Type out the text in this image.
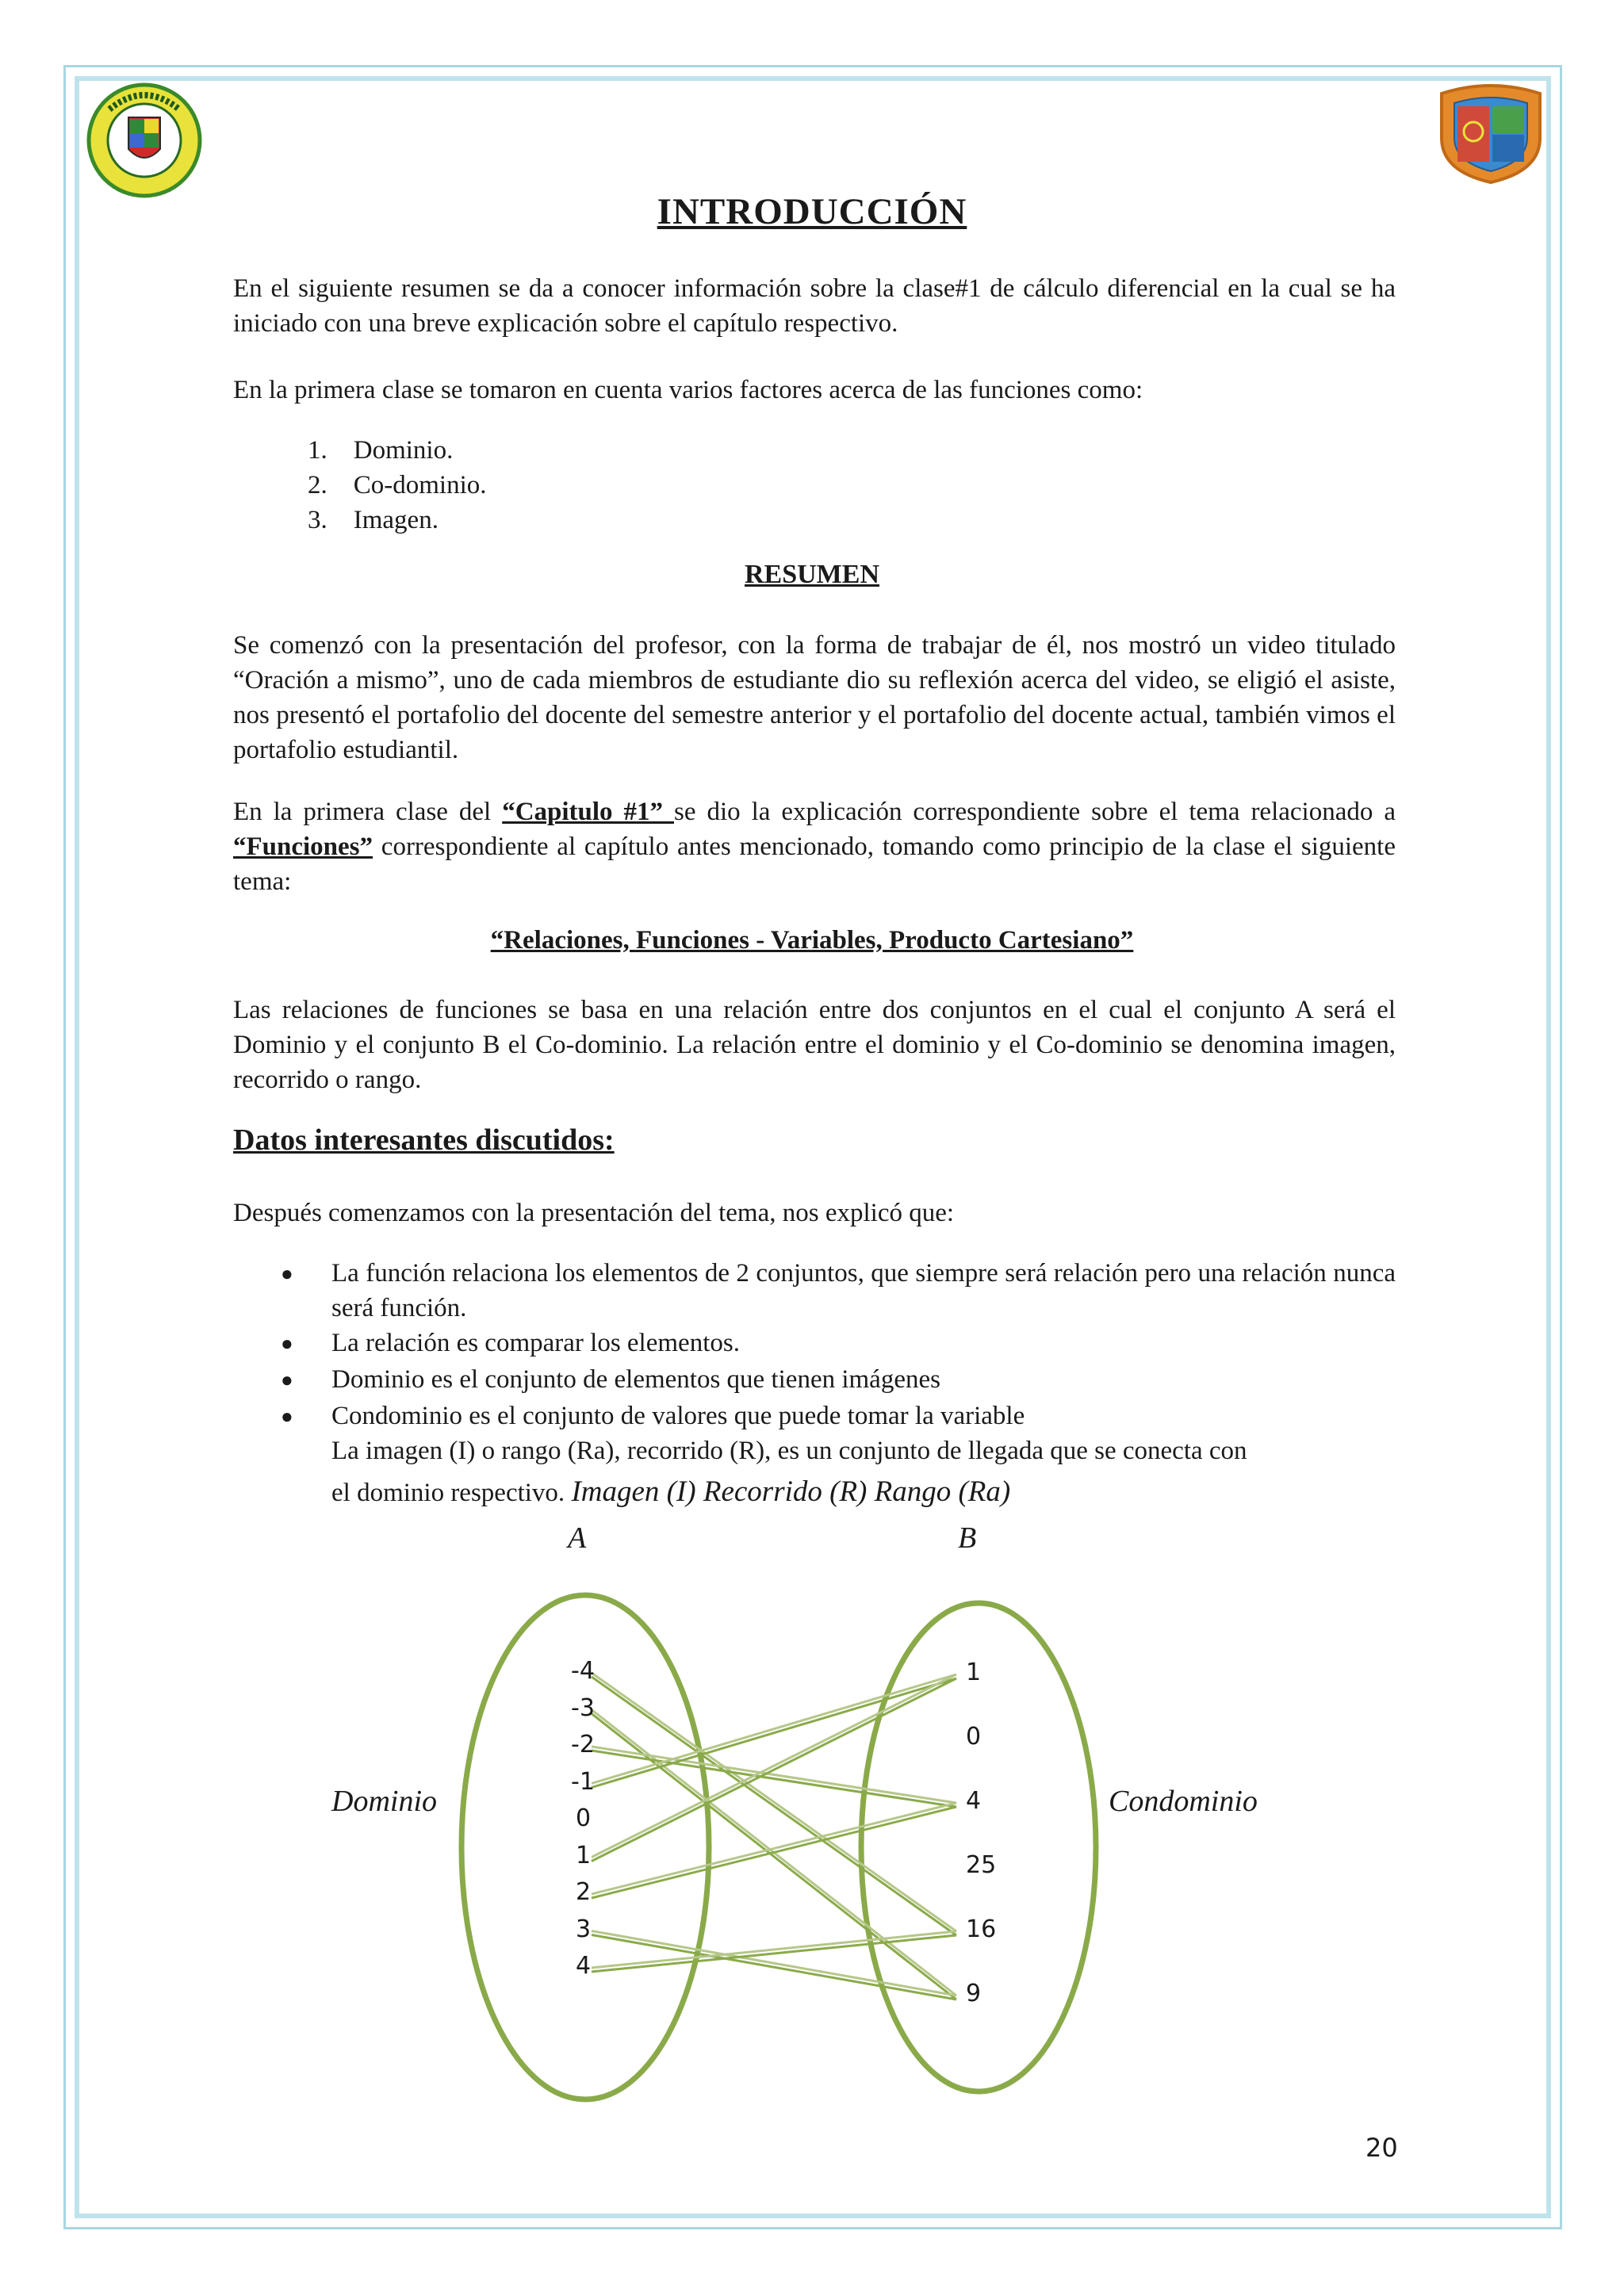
INTRODUCCIÓN

En el siguiente resumen se da a conocer información sobre la clase#1 de cálculo diferencial en la cual se ha iniciado con una breve explicación sobre el capítulo respectivo.

En la primera clase se tomaron en cuenta varios factores acerca de las funciones como:

1. Dominio.
2. Co-dominio.
3. Imagen.
RESUMEN

Se comenzó con la presentación del profesor, con la forma de trabajar de él, nos mostró un video titulado “Oración a mismo”, uno de cada miembros de estudiante dio su reflexión acerca del video, se eligió el asiste, nos presentó el portafolio del docente del semestre anterior y el portafolio del docente actual, también vimos el portafolio estudiantil.

En la primera clase del “Capitulo #1” se dio la explicación correspondiente sobre el tema relacionado a “Funciones” correspondiente al capítulo antes mencionado, tomando como principio de la clase el siguiente tema:

“Relaciones, Funciones - Variables, Producto Cartesiano”

Las relaciones de funciones se basa en una relación entre dos conjuntos en el cual el conjunto A será el Dominio y el conjunto B el Co-dominio. La relación entre el dominio y el Co-dominio se denomina imagen, recorrido o rango.

Datos interesantes discutidos:

Después comenzamos con la presentación del tema, nos explicó que:

● La función relaciona los elementos de 2 conjuntos, que siempre será relación pero una relación nunca será función.

● La relación es comparar los elementos.

● Dominio es el conjunto de elementos que tienen imágenes

● Condominio es el conjunto de valores que puede tomar la variable

La imagen (I) o rango (Ra), recorrido (R), es un conjunto de llegada que se conecta con

el dominio respectivo. Imagen (I) Recorrido (R) Rango (Ra)

A	B
Dominio	Condominio
-4
-3
-2
-1
0
1
2
3
4
1
0
4
25
16
9
20
